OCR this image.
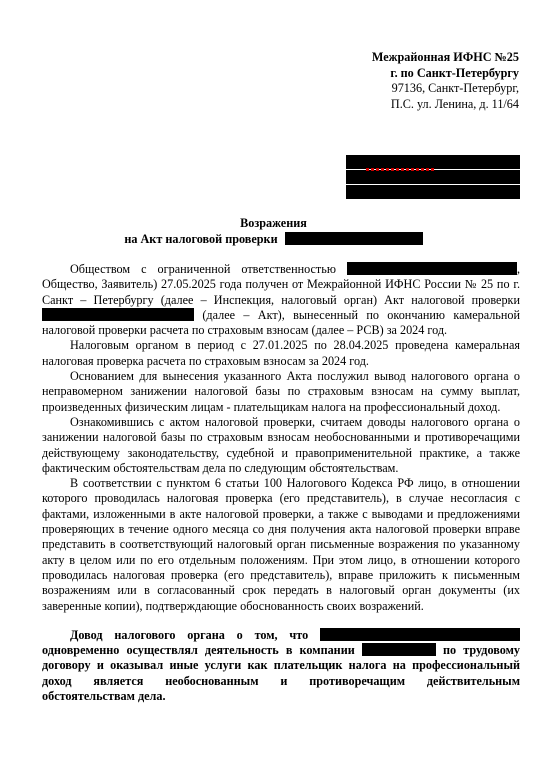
Межрайонная ИФНС №25
г. по Санкт-Петербургу
97136, Санкт-Петербург,
П.С. ул. Ленина, д. 11/64
Возражения
на Акт налоговой проверки

Обществом с ограниченной ответственностью	, Общество, Заявитель) 27.05.2025 года получен от Межрайонной ИФНС России № 25 по г. Санкт – Петербургу (далее – Инспекция, налоговый орган) Акт налоговой проверки  (далее – Акт), вынесенный по окончанию камеральной налоговой проверки расчета по страховым взносам (далее – РСВ) за 2024 год.

Налоговым органом в период с 27.01.2025 по 28.04.2025 проведена камеральная налоговая проверка расчета по страховым взносам за 2024 год.

Основанием для вынесения указанного Акта послужил вывод налогового органа о неправомерном занижении налоговой базы по страховым взносам на сумму выплат, произведенных физическим лицам - плательщикам налога на профессиональный доход.

Ознакомившись с актом налоговой проверки, считаем доводы налогового органа о занижении налоговой базы по страховым взносам необоснованными и противоречащими действующему законодательству, судебной и правоприменительной практике, а также фактическим обстоятельствам дела по следующим обстоятельствам.

В соответствии с пунктом 6 статьи 100 Налогового Кодекса РФ лицо, в отношении которого проводилась налоговая проверка (его представитель), в случае несогласия с фактами, изложенными в акте налоговой проверки, а также с выводами и предложениями проверяющих в течение одного месяца со дня получения акта налоговой проверки вправе представить в соответствующий налоговый орган письменные возражения по указанному акту в целом или по его отдельным положениям. При этом лицо, в отношении которого проводилась налоговая проверка (его представитель), вправе приложить к письменным возражениям или в согласованный срок передать в налоговый орган документы (их заверенные копии), подтверждающие обоснованность своих возражений.

Довод налогового органа о том, что  одновременно осуществлял деятельность в компании	по трудовому договору и оказывал иные услуги как плательщик налога на профессиональный доход является необоснованным и противоречащим действительным обстоятельствам дела.
